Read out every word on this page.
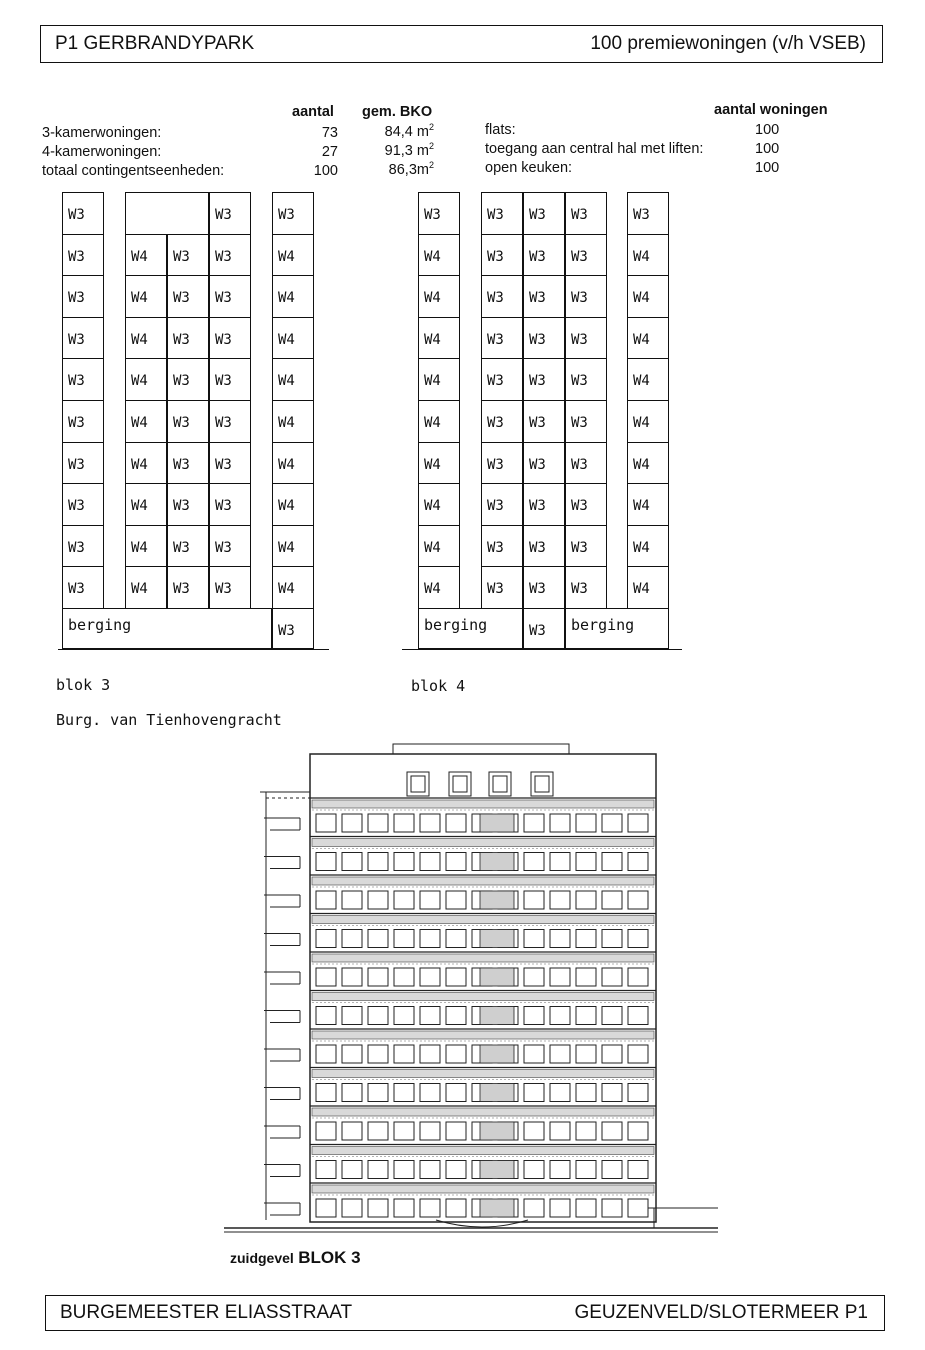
P1 GERBRANDYPARK	100 premiewoningen (v/h VSEB)
aantal gem. BKO	aantal woningen
3-kamerwoningen:	73	84,4 $m^2$
4-kamerwoningen:	27	91,3 $m^2$
totaal contingentseenheden:	100	$86,3m^2$
flats:	100
toegang aan central hal met liften:	100
open keuken:	100
W3	W3	W3
W3	W4 W3 W3	W4
W3	W4 W3 W3	W4
W3	W4 W3 W3	W4
W3	W4 W3 W3	W4
W3	W4 W3 W3	W4
W3	W4 W3 W3	W4
W3	W4 W3 W3	W4
W3	W4 W3 W3	W4
W3	W4 W3 W3	W4
berging	W3
W3	W3 W3 W3	W3
W4	W3 W3 W3	W4
W4	W3 W3 W3	W4
W4	W3 W3 W3	W4
W4	W3 W3 W3	W4
W4	W3 W3 W3	W4
W4	W3 W3 W3	W4
W4	W3 W3 W3	W4
W4	W3 W3 W3	W4
W4	W3 W3 W3	W4
berging	W3 berging
blok 3	blok 4
Burg. van Tienhovengracht
zuidgevel BLOK 3
BURGEMEESTER ELIASSTRAAT	GEUZENVELD/SLOTERMEER P1
